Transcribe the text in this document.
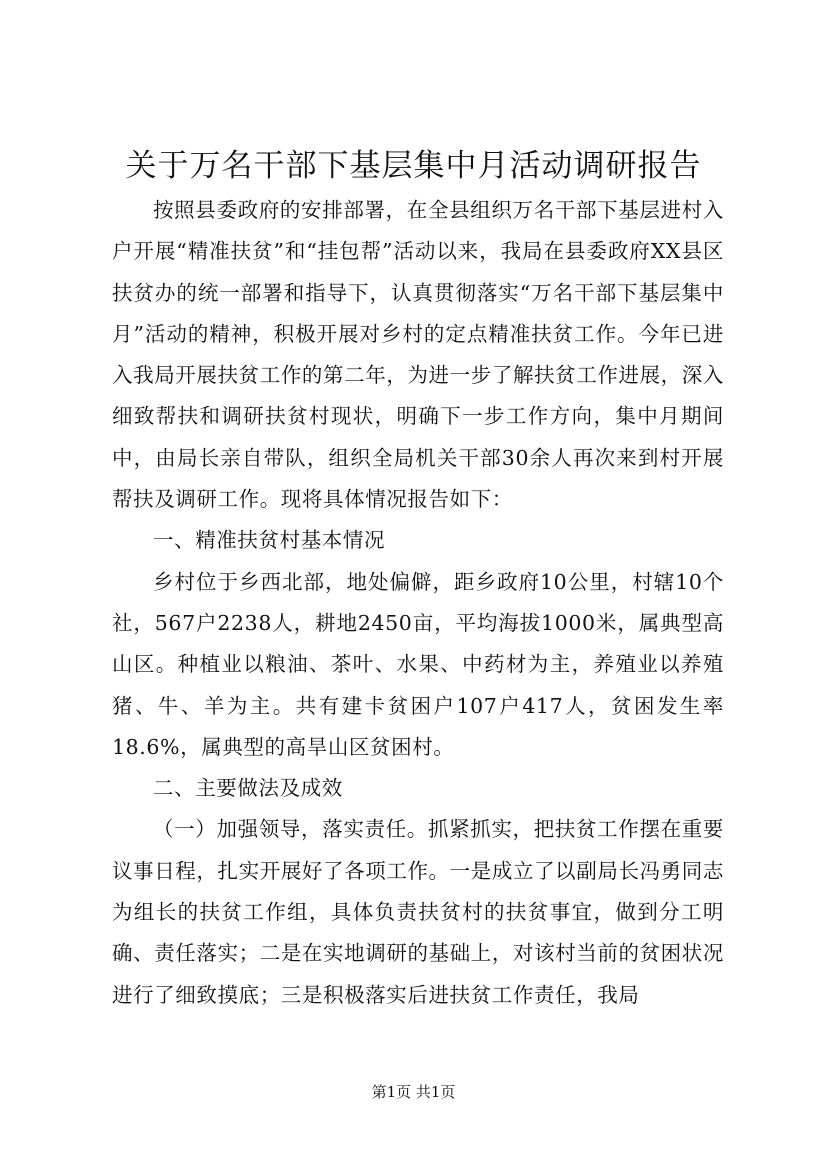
关于万名干部下基层集中月活动调研报告

按照县委政府的安排部署，在全县组织万名干部下基层进村入户开展“精准扶贫”和“挂包帮”活动以来，我局在县委政府XX县区扶贫办的统一部署和指导下，认真贯彻落实“万名干部下基层集中月”活动的精神，积极开展对乡村的定点精准扶贫工作。今年已进入我局开展扶贫工作的第二年，为进一步了解扶贫工作进展，深入细致帮扶和调研扶贫村现状，明确下一步工作方向，集中月期间中，由局长亲自带队，组织全局机关干部30余人再次来到村开展帮扶及调研工作。现将具体情况报告如下：

一、精准扶贫村基本情况

乡村位于乡西北部，地处偏僻，距乡政府10公里，村辖10个社，567户2238人，耕地2450亩，平均海拔1000米，属典型高山区。种植业以粮油、茶叶、水果、中药材为主，养殖业以养殖猪、牛、羊为主。共有建卡贫困户107户417人，贫困发生率18.6%，属典型的高旱山区贫困村。

二、主要做法及成效

（一）加强领导，落实责任。抓紧抓实，把扶贫工作摆在重要议事日程，扎实开展好了各项工作。一是成立了以副局长冯勇同志为组长的扶贫工作组，具体负责扶贫村的扶贫事宜，做到分工明确、责任落实；二是在实地调研的基础上，对该村当前的贫困状况进行了细致摸底；三是积极落实后进扶贫工作责任，我局

第1页 共1页
